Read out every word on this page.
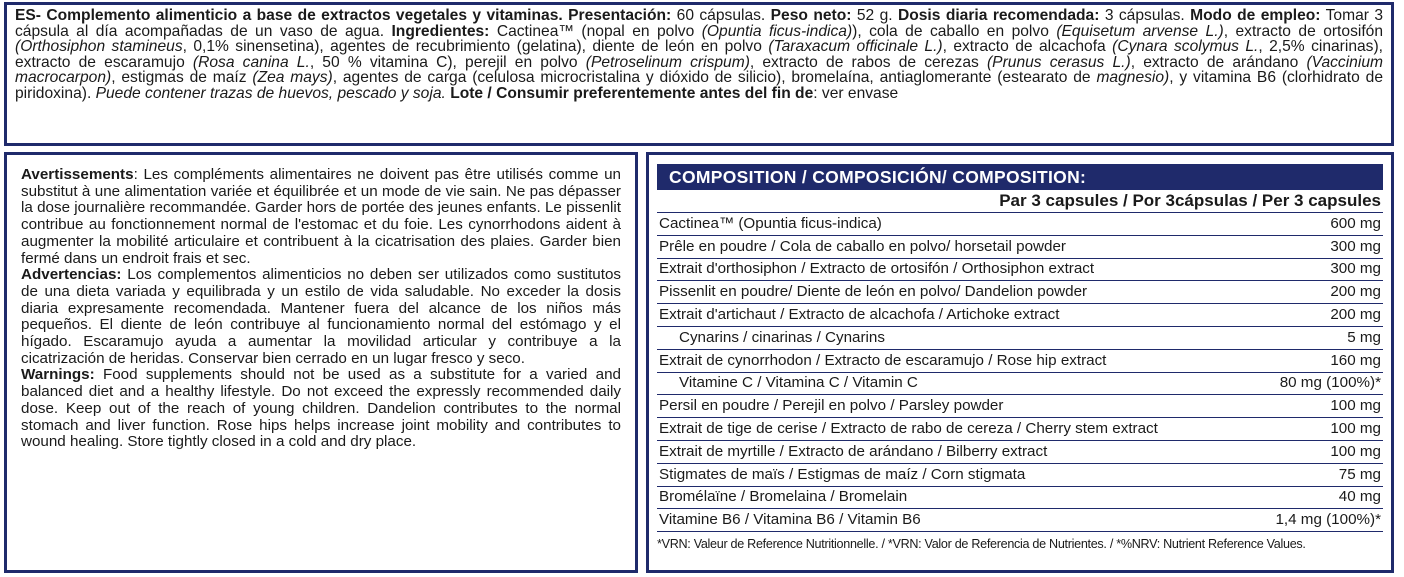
ES- Complemento alimenticio a base de extractos vegetales y vitaminas. Presentación: 60 cápsulas. Peso neto: 52 g. Dosis diaria recomendada: 3 cápsulas. Modo de empleo: Tomar 3 cápsula al día acompañadas de un vaso de agua. Ingredientes: Cactinea™ (nopal en polvo (Opuntia ficus-indica)), cola de caballo en polvo (Equisetum arvense L.), extracto de ortosifón (Orthosiphon stamineus, 0,1% sinensetina), agentes de recubrimiento (gelatina), diente de león en polvo (Taraxacum officinale L.), extracto de alcachofa (Cynara scolymus L., 2,5% cinarinas), extracto de escaramujo (Rosa canina L., 50 % vitamina C), perejil en polvo (Petroselinum crispum), extracto de rabos de cerezas (Prunus cerasus L.), extracto de arándano (Vaccinium macrocarpon), estigmas de maíz (Zea mays), agentes de carga (celulosa microcristalina y dióxido de silicio), bromelaína, antiaglomerante (estearato de magnesio), y vitamina B6 (clorhidrato de piridoxina). Puede contener trazas de huevos, pescado y soja. Lote / Consumir preferentemente antes del fin de: ver envase

Avertissements: Les compléments alimentaires ne doivent pas être utilisés comme un substitut à une alimentation variée et équilibrée et un mode de vie sain. Ne pas dépasser la dose journalière recommandée. Garder hors de portée des jeunes enfants. Le pissenlit contribue au fonctionnement normal de l'estomac et du foie. Les cynorrhodons aident à augmenter la mobilité articulaire et contribuent à la cicatrisation des plaies. Garder bien fermé dans un endroit frais et sec.

Advertencias: Los complementos alimenticios no deben ser utilizados como sustitutos de una dieta variada y equilibrada y un estilo de vida saludable. No exceder la dosis diaria expresamente recomendada. Mantener fuera del alcance de los niños más pequeños. El diente de león contribuye al funcionamiento normal del estómago y el hígado. Escaramujo ayuda a aumentar la movilidad articular y contribuye a la cicatrización de heridas. Conservar bien cerrado en un lugar fresco y seco.

Warnings: Food supplements should not be used as a substitute for a varied and balanced diet and a healthy lifestyle. Do not exceed the expressly recommended daily dose. Keep out of the reach of young children. Dandelion contributes to the normal stomach and liver function. Rose hips helps increase joint mobility and contributes to wound healing. Store tightly closed in a cold and dry place.

COMPOSITION / COMPOSICIÓN/ COMPOSITION:
Par 3 capsules / Por 3cápsulas / Per 3 capsules	
Cactinea™ (Opuntia ficus-indica)	600 mg
Prêle en poudre / Cola de caballo en polvo/ horsetail powder	300 mg
Extrait d'orthosiphon / Extracto de ortosifón / Orthosiphon extract	300 mg
Pissenlit en poudre/ Diente de león en polvo/ Dandelion powder	200 mg
Extrait d'artichaut / Extracto de alcachofa / Artichoke extract	200 mg
Cynarins / cinarinas / Cynarins	5 mg
Extrait de cynorrhodon / Extracto de escaramujo / Rose hip extract	160 mg
Vitamine C / Vitamina C / Vitamin C	80 mg (100%)*
Persil en poudre / Perejil en polvo / Parsley powder	100 mg
Extrait de tige de cerise / Extracto de rabo de cereza / Cherry stem extract	100 mg
Extrait de myrtille / Extracto de arándano / Bilberry extract	100 mg
Stigmates de maïs / Estigmas de maíz / Corn stigmata	75 mg
Bromélaïne / Bromelaina / Bromelain	40 mg
Vitamine B6 / Vitamina B6 / Vitamin B6	1,4 mg (100%)*
*VRN: Valeur de Reference Nutritionnelle. / *VRN: Valor de Referencia de Nutrientes. / *%NRV: Nutrient Reference Values.
